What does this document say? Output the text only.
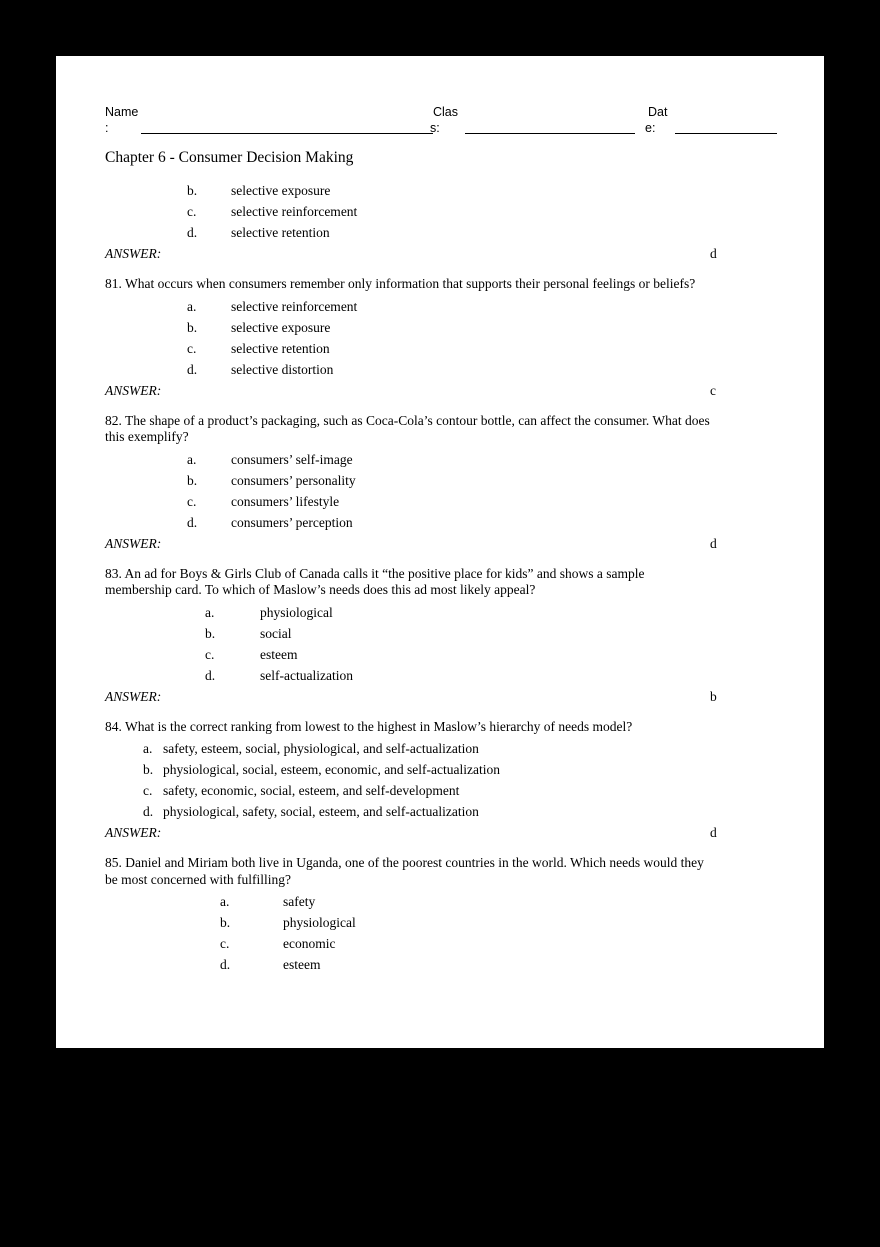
Name
:
Clas
s:
Dat
e:
Chapter 6 - Consumer Decision Making
b.	selective exposure
c.	selective reinforcement
d.	selective retention
ANSWER:	d
81. What occurs when consumers remember only information that supports their personal feelings or beliefs?
a.	selective reinforcement
b.	selective exposure
c.	selective retention
d.	selective distortion
ANSWER:	c
82. The shape of a product’s packaging, such as Coca-Cola’s contour bottle, can affect the consumer. What does
this exemplify?
a.	consumers’ self-image
b.	consumers’ personality
c.	consumers’ lifestyle
d.	consumers’ perception
ANSWER:	d
83. An ad for Boys & Girls Club of Canada calls it “the positive place for kids” and shows a sample
membership card. To which of Maslow’s needs does this ad most likely appeal?
a.	physiological
b.	social
c.	esteem
d.	self-actualization
ANSWER:	b
84. What is the correct ranking from lowest to the highest in Maslow’s hierarchy of needs model?
a. safety, esteem, social, physiological, and self-actualization
b. physiological, social, esteem, economic, and self-actualization
c. safety, economic, social, esteem, and self-development
d. physiological, safety, social, esteem, and self-actualization
ANSWER:	d
85. Daniel and Miriam both live in Uganda, one of the poorest countries in the world. Which needs would they
be most concerned with fulfilling?
a.	safety
b.	physiological
c.	economic
d.	esteem
